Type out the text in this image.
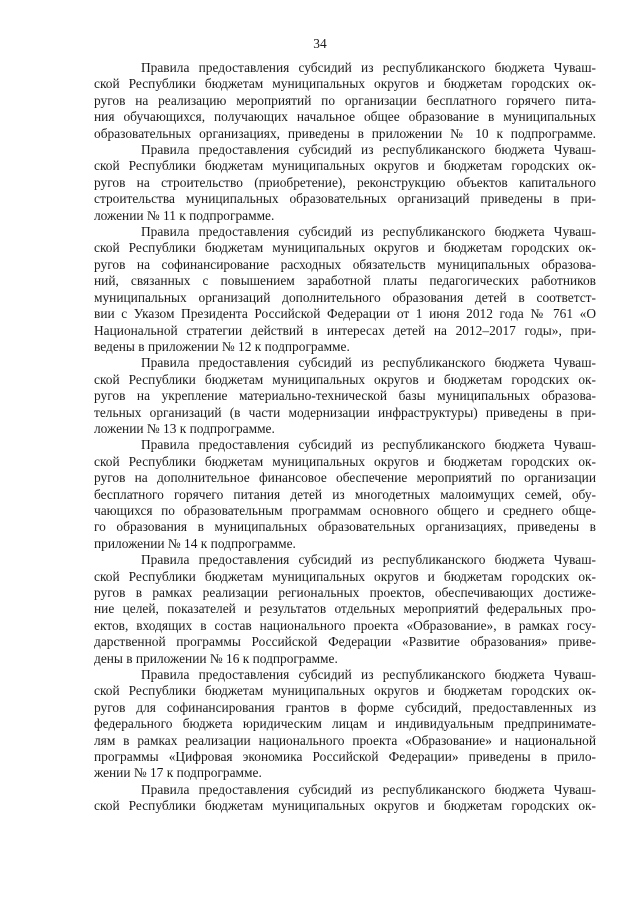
34

Правила предоставления субсидий из республиканского бюджета Чуваш-
ской Республики бюджетам муниципальных округов и бюджетам городских ок-
ругов на реализацию мероприятий по организации бесплатного горячего пита-
ния обучающихся, получающих начальное общее образование в муниципальных
образовательных организациях, приведены в приложении № 10 к подпрограмме.

Правила предоставления субсидий из республиканского бюджета Чуваш-
ской Республики бюджетам муниципальных округов и бюджетам городских ок-
ругов на строительство (приобретение), реконструкцию объектов капитального
строительства муниципальных образовательных организаций приведены в при-
ложении № 11 к подпрограмме.

Правила предоставления субсидий из республиканского бюджета Чуваш-
ской Республики бюджетам муниципальных округов и бюджетам городских ок-
ругов на софинансирование расходных обязательств муниципальных образова-
ний, связанных с повышением заработной платы педагогических работников
муниципальных организаций дополнительного образования детей в соответст-
вии с Указом Президента Российской Федерации от 1 июня 2012 года № 761 «О
Национальной стратегии действий в интересах детей на 2012–2017 годы», при-
ведены в приложении № 12 к подпрограмме.

Правила предоставления субсидий из республиканского бюджета Чуваш-
ской Республики бюджетам муниципальных округов и бюджетам городских ок-
ругов на укрепление материально-технической базы муниципальных образова-
тельных организаций (в части модернизации инфраструктуры) приведены в при-
ложении № 13 к подпрограмме.

Правила предоставления субсидий из республиканского бюджета Чуваш-
ской Республики бюджетам муниципальных округов и бюджетам городских ок-
ругов на дополнительное финансовое обеспечение мероприятий по организации
бесплатного горячего питания детей из многодетных малоимущих семей, обу-
чающихся по образовательным программам основного общего и среднего обще-
го образования в муниципальных образовательных организациях, приведены в
приложении № 14 к подпрограмме.

Правила предоставления субсидий из республиканского бюджета Чуваш-
ской Республики бюджетам муниципальных округов и бюджетам городских ок-
ругов в рамках реализации региональных проектов, обеспечивающих достиже-
ние целей, показателей и результатов отдельных мероприятий федеральных про-
ектов, входящих в состав национального проекта «Образование», в рамках госу-
дарственной программы Российской Федерации «Развитие образования» приве-
дены в приложении № 16 к подпрограмме.

Правила предоставления субсидий из республиканского бюджета Чуваш-
ской Республики бюджетам муниципальных округов и бюджетам городских ок-
ругов для софинансирования грантов в форме субсидий, предоставленных из
федерального бюджета юридическим лицам и индивидуальным предпринимате-
лям в рамках реализации национального проекта «Образование» и национальной
программы «Цифровая экономика Российской Федерации» приведены в прило-
жении № 17 к подпрограмме.

Правила предоставления субсидий из республиканского бюджета Чуваш-
ской Республики бюджетам муниципальных округов и бюджетам городских ок-
